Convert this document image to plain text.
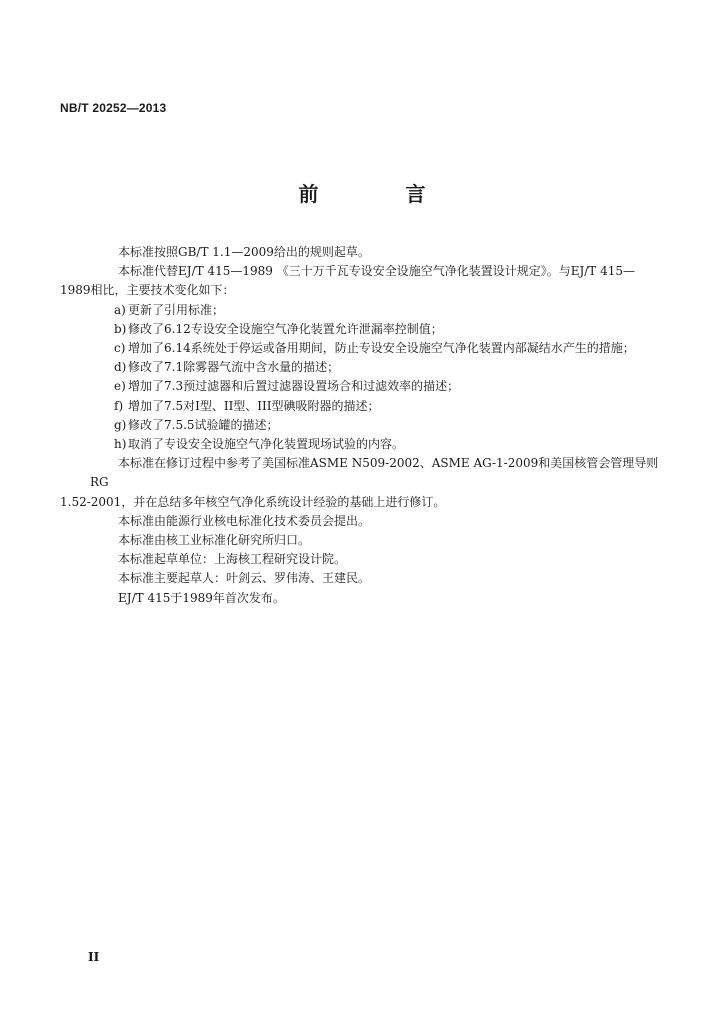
NB/T 20252—2013
前 言

本标准按照GB/T 1.1—2009给出的规则起草。

本标准代替EJ/T 415—1989 《三十万千瓦专设安全设施空气净化装置设计规定》。与EJ/T 415—

1989相比，主要技术变化如下：

a) 更新了引用标准；

b) 修改了6.12专设安全设施空气净化装置允许泄漏率控制值；

c) 增加了6.14系统处于停运或备用期间，防止专设安全设施空气净化装置内部凝结水产生的措施；

d) 修改了7.1除雾器气流中含水量的描述；

e) 增加了7.3预过滤器和后置过滤器设置场合和过滤效率的描述；

f) 增加了7.5对I型、II型、III型碘吸附器的描述；

g) 修改了7.5.5试验罐的描述；

h) 取消了专设安全设施空气净化装置现场试验的内容。

本标准在修订过程中参考了美国标准ASME N509-2002、ASME AG-1-2009和美国核管会管理导则RG

1.52-2001，并在总结多年核空气净化系统设计经验的基础上进行修订。

本标准由能源行业核电标准化技术委员会提出。

本标准由核工业标准化研究所归口。

本标准起草单位：上海核工程研究设计院。

本标准主要起草人：叶剑云、罗伟涛、王建民。

EJ/T 415于1989年首次发布。

II
